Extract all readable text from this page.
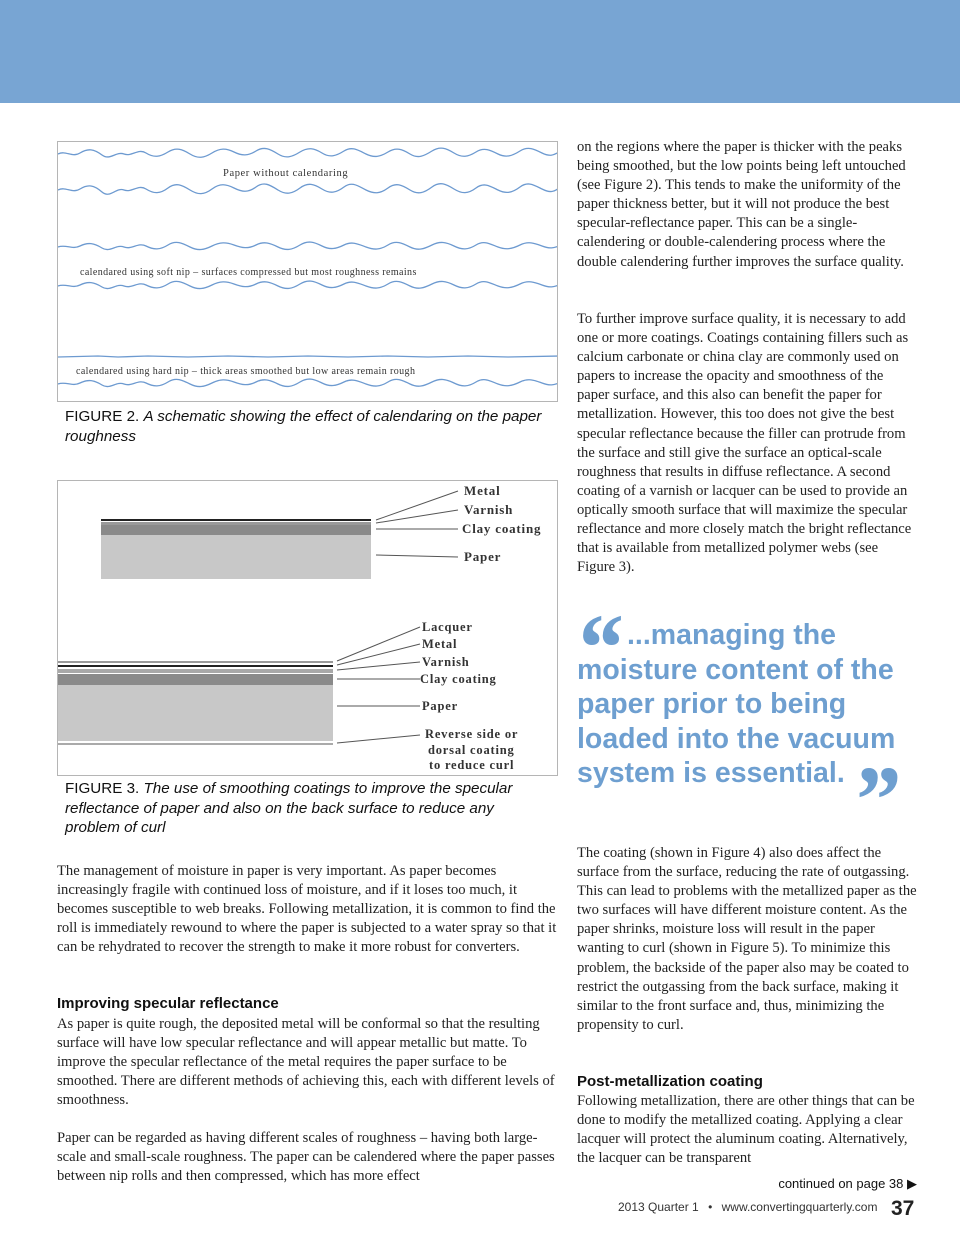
Paper without calendaring
calendared using soft nip – surfaces compressed but most roughness remains
calendared using hard nip – thick areas smoothed but low areas remain rough
FIGURE 2. A schematic showing the effect of calendaring on the paper roughness
Metal
Varnish
Clay coating
Paper
Lacquer
Metal
Varnish
Clay coating
Paper
Reverse side or
dorsal coating
to reduce curl
FIGURE 3. The use of smoothing coatings to improve the specular reflectance of paper and also on the back surface to reduce any problem of curl

The management of moisture in paper is very important. As paper becomes increasingly fragile with continued loss of moisture, and if it loses too much, it becomes susceptible to web breaks. Following metallization, it is common to find the roll is immediately rewound to where the paper is subjected to a water spray so that it can be rehydrated to recover the strength to make it more robust for converters.

Improving specular reflectance

As paper is quite rough, the deposited metal will be conformal so that the resulting surface will have low specular reflectance and will appear metallic but matte. To improve the specular reflectance of the metal requires the paper surface to be smoothed. There are different methods of achieving this, each with different levels of smoothness.

Paper can be regarded as having different scales of roughness – having both large-scale and small-scale roughness. The paper can be calendered where the paper passes between nip rolls and then compressed, which has more effect

on the regions where the paper is thicker with the peaks being smoothed, but the low points being left untouched (see Figure 2). This tends to make the uniformity of the paper thickness better, but it will not produce the best specular-reflectance paper. This can be a single-calendering or double-calendering process where the double calendering further improves the surface quality.

To further improve surface quality, it is necessary to add one or more coatings. Coatings containing fillers such as calcium carbonate or china clay are commonly used on papers to increase the opacity and smoothness of the paper surface, and this also can benefit the paper for metallization. However, this too does not give the best specular reflectance because the filler can protrude from the surface and still give the surface an optical-scale roughness that results in diffuse reflectance. A second coating of a varnish or lacquer can be used to provide an optically smooth surface that will maximize the specular reflectance and more closely match the bright reflectance that is available from metallized polymer webs (see Figure 3).

“ ...managing the moisture content of the paper prior to being loaded into the vacuum system is essential. ”

The coating (shown in Figure 4) also does affect the surface from the surface, reducing the rate of outgassing. This can lead to problems with the metallized paper as the two surfaces will have different moisture content. As the paper shrinks, moisture loss will result in the paper wanting to curl (shown in Figure 5). To minimize this problem, the backside of the paper also may be coated to restrict the outgassing from the back surface, making it similar to the front surface and, thus, minimizing the propensity to curl.

Post-metallization coating

Following metallization, there are other things that can be done to modify the metallized coating. Applying a clear lacquer will protect the aluminum coating. Alternatively, the lacquer can be transparent

continued on page 38 ▶
2013 Quarter 1 • www.convertingquarterly.com 37
